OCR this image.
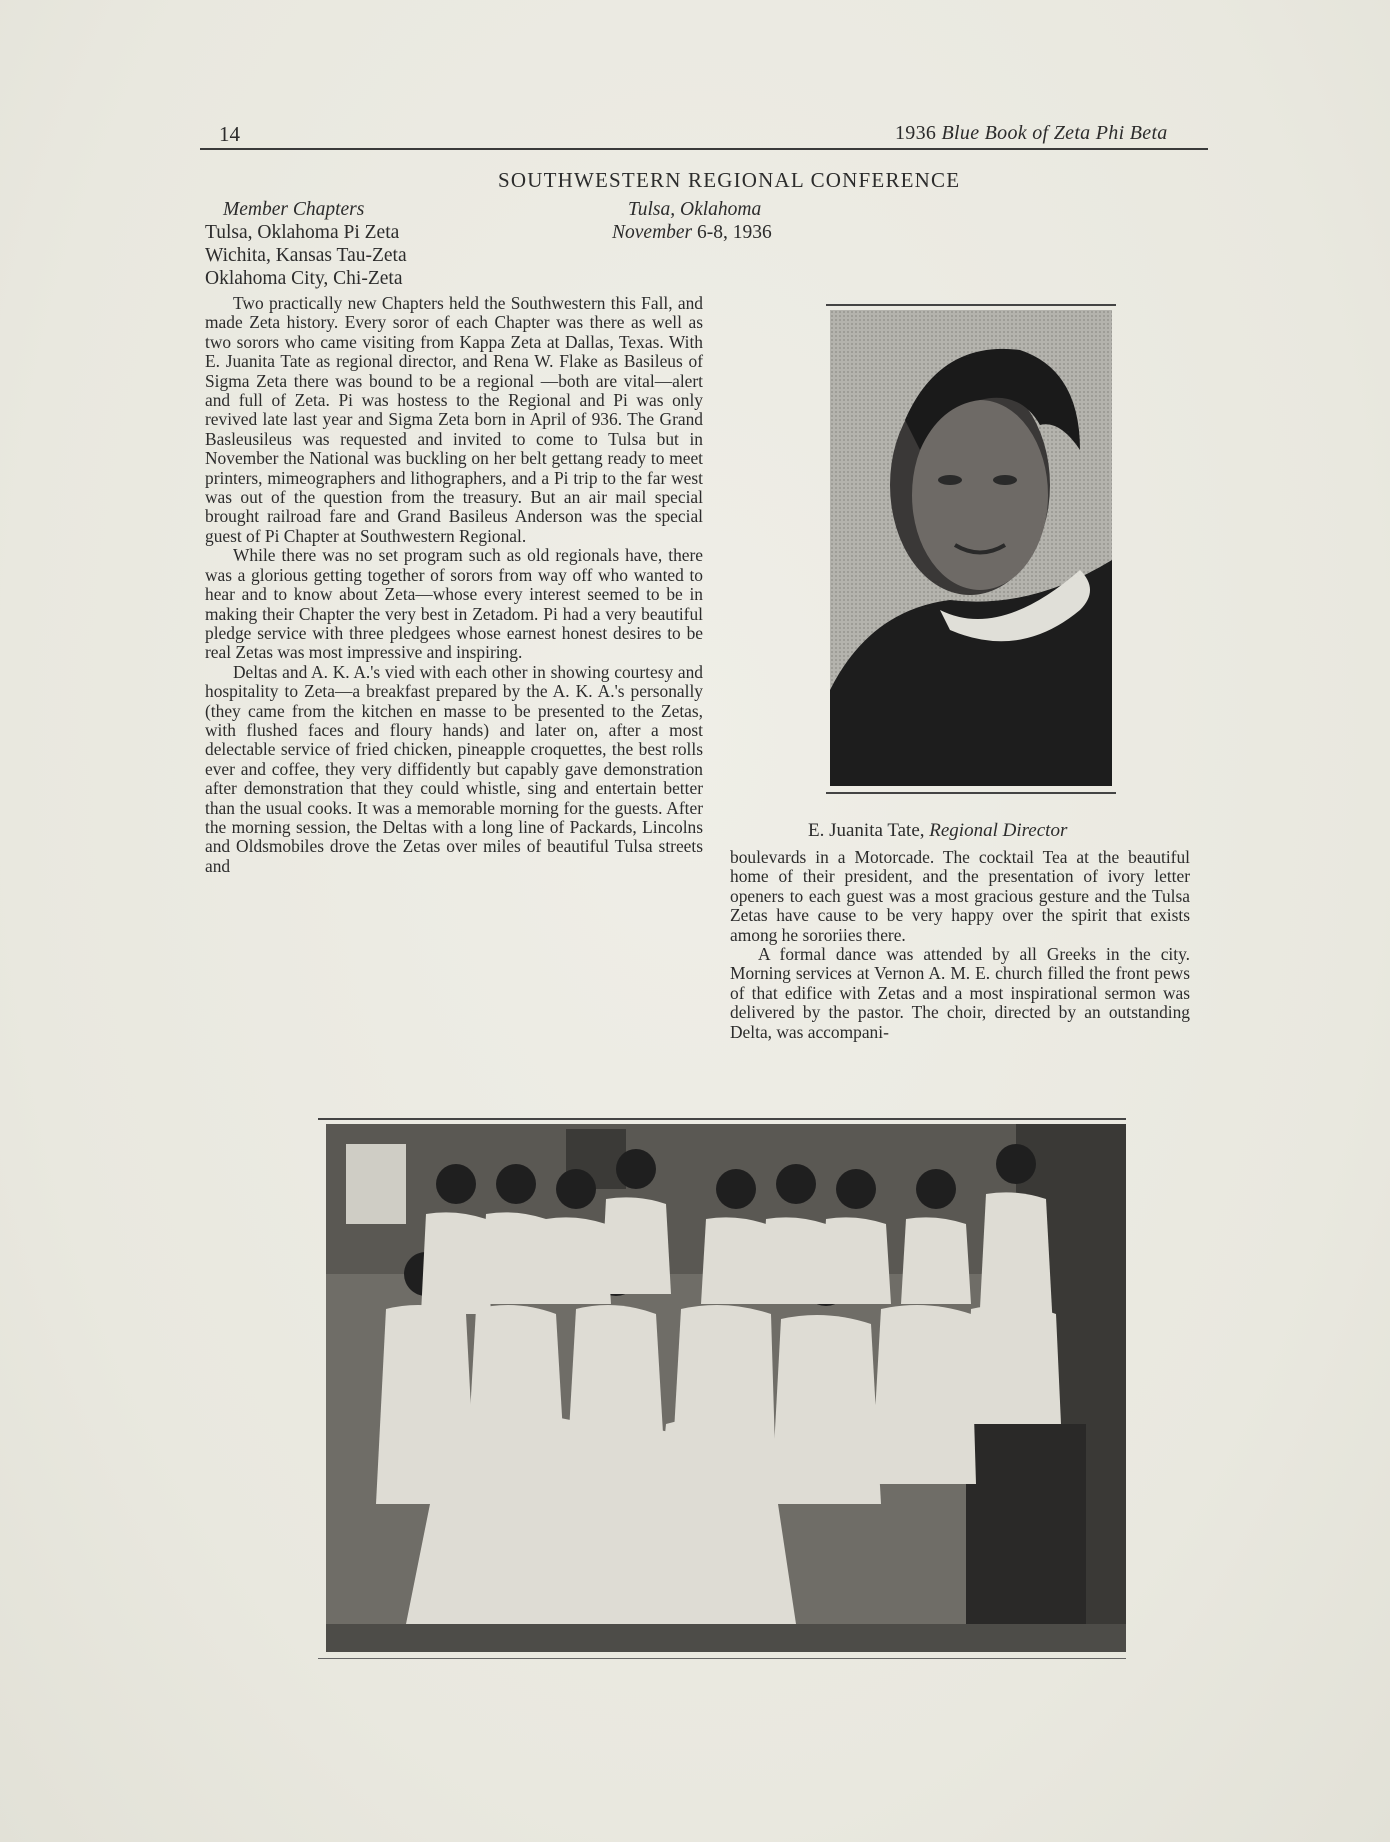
14	1936 Blue Book of Zeta Phi Beta
SOUTHWESTERN REGIONAL CONFERENCE
Member Chapters
Tulsa, Oklahoma Pi Zeta
Wichita, Kansas Tau-Zeta
Oklahoma City, Chi-Zeta
Tulsa, Oklahoma
November 6-8, 1936

Two practically new Chapters held the Southwestern this Fall, and made Zeta history. Every soror of each Chapter was there as well as two sorors who came visiting from Kappa Zeta at Dallas, Texas. With E. Juanita Tate as regional director, and Rena W. Flake as Basileus of Sigma Zeta there was bound to be a regional —both are vital—alert and full of Zeta. Pi was hostess to the Regional and Pi was only revived late last year and Sigma Zeta born in April of 936. The Grand Basleusileus was requested and invited to come to Tulsa but in November the National was buckling on her belt gettang ready to meet printers, mimeographers and lithographers, and a Pi trip to the far west was out of the question from the treasury. But an air mail special brought railroad fare and Grand Basileus Anderson was the special guest of Pi Chapter at Southwestern Regional.

While there was no set program such as old regionals have, there was a glorious getting together of sorors from way off who wanted to hear and to know about Zeta—whose every interest seemed to be in making their Chapter the very best in Zetadom. Pi had a very beautiful pledge service with three pledgees whose earnest honest desires to be real Zetas was most impressive and inspiring.

Deltas and A. K. A.'s vied with each other in showing courtesy and hospitality to Zeta—a breakfast prepared by the A. K. A.'s personally (they came from the kitchen en masse to be presented to the Zetas, with flushed faces and floury hands) and later on, after a most delectable service of fried chicken, pineapple croquettes, the best rolls ever and coffee, they very diffidently but capably gave demonstration after demonstration that they could whistle, sing and entertain better than the usual cooks. It was a memorable morning for the guests. After the morning session, the Deltas with a long line of Packards, Lincolns and Oldsmobiles drove the Zetas over miles of beautiful Tulsa streets and

E. Juanita Tate, Regional Director

boulevards in a Motorcade. The cocktail Tea at the beautiful home of their president, and the presentation of ivory letter openers to each guest was a most gracious gesture and the Tulsa Zetas have cause to be very happy over the spirit that exists among he sororiies there.

A formal dance was attended by all Greeks in the city. Morning services at Vernon A. M. E. church filled the front pews of that edifice with Zetas and a most inspirational sermon was delivered by the pastor. The choir, directed by an outstanding Delta, was accompani-
